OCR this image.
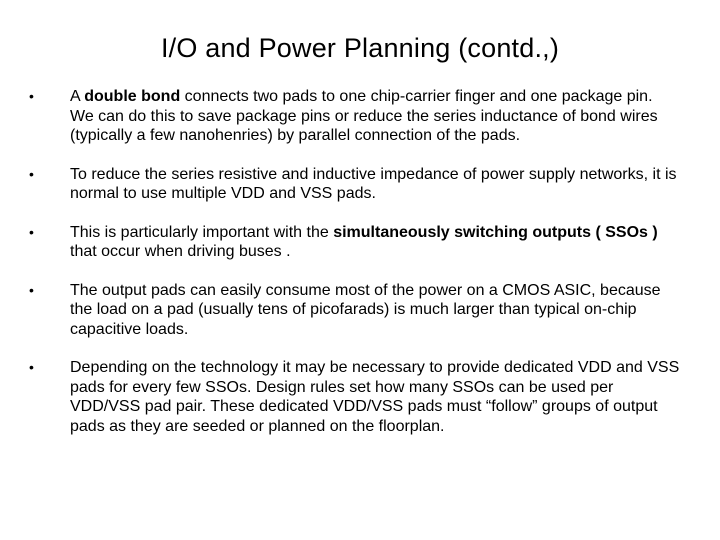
I/O and Power Planning (contd.,)
•	A double bond connects two pads to one chip-carrier finger and one package pin. We can do this to save package pins or reduce the series inductance of bond wires (typically a few nanohenries) by parallel connection of the pads.
•	To reduce the series resistive and inductive impedance of power supply networks, it is normal to use multiple VDD and VSS pads.
•	This is particularly important with the simultaneously switching outputs ( SSOs ) that occur when driving buses .
•	The output pads can easily consume most of the power on a CMOS ASIC, because the load on a pad (usually tens of picofarads) is much larger than typical on-chip capacitive loads.
•	Depending on the technology it may be necessary to provide dedicated VDD and VSS pads for every few SSOs. Design rules set how many SSOs can be used per VDD/VSS pad pair. These dedicated VDD/VSS pads must “follow” groups of output pads as they are seeded or planned on the floorplan.
